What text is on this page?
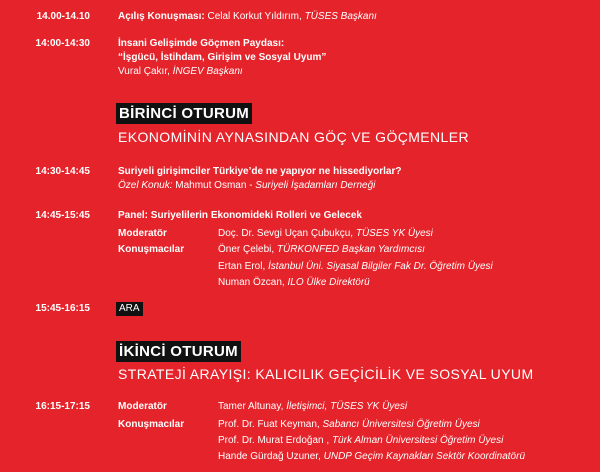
14.00-14.10	Açılış Konuşması: Celal Korkut Yıldırım, TÜSES Başkanı
14:00-14:30	İnsani Gelişimde Göçmen Paydası:
“İşgücü, İstihdam, Girişim ve Sosyal Uyum”
Vural Çakır, İNGEV Başkanı
BİRİNCİ OTURUM
EKONOMİNİN AYNASINDAN GÖÇ VE GÖÇMENLER
14:30-14:45	Suriyeli girişimciler Türkiye’de ne yapıyor ne hissediyorlar?
Özel Konuk: Mahmut Osman - Suriyeli İşadamları Derneği
14:45-15:45	Panel: Suriyelilerin Ekonomideki Rolleri ve Gelecek
Moderatör	Doç. Dr. Sevgi Uçan Çubukçu, TÜSES YK Üyesi
Konuşmacılar	Öner Çelebi, TÜRKONFED Başkan Yardımcısı
Ertan Erol, İstanbul Üni. Siyasal Bilgiler Fak Dr. Öğretim Üyesi
Numan Özcan, ILO Ülke Direktörü
15:45-16:15	ARA
İKİNCİ OTURUM
STRATEJİ ARAYIŞI: KALICILIK GEÇİCİLİK VE SOSYAL UYUM
16:15-17:15	Moderatör	Tamer Altunay, İletişimci, TÜSES YK Üyesi
Konuşmacılar	Prof. Dr. Fuat Keyman, Sabancı Üniversitesi Öğretim Üyesi
Prof. Dr. Murat Erdoğan , Türk Alman Üniversitesi Öğretim Üyesi
Hande Gürdağ Uzuner, UNDP Geçim Kaynakları Sektör Koordinatörü
